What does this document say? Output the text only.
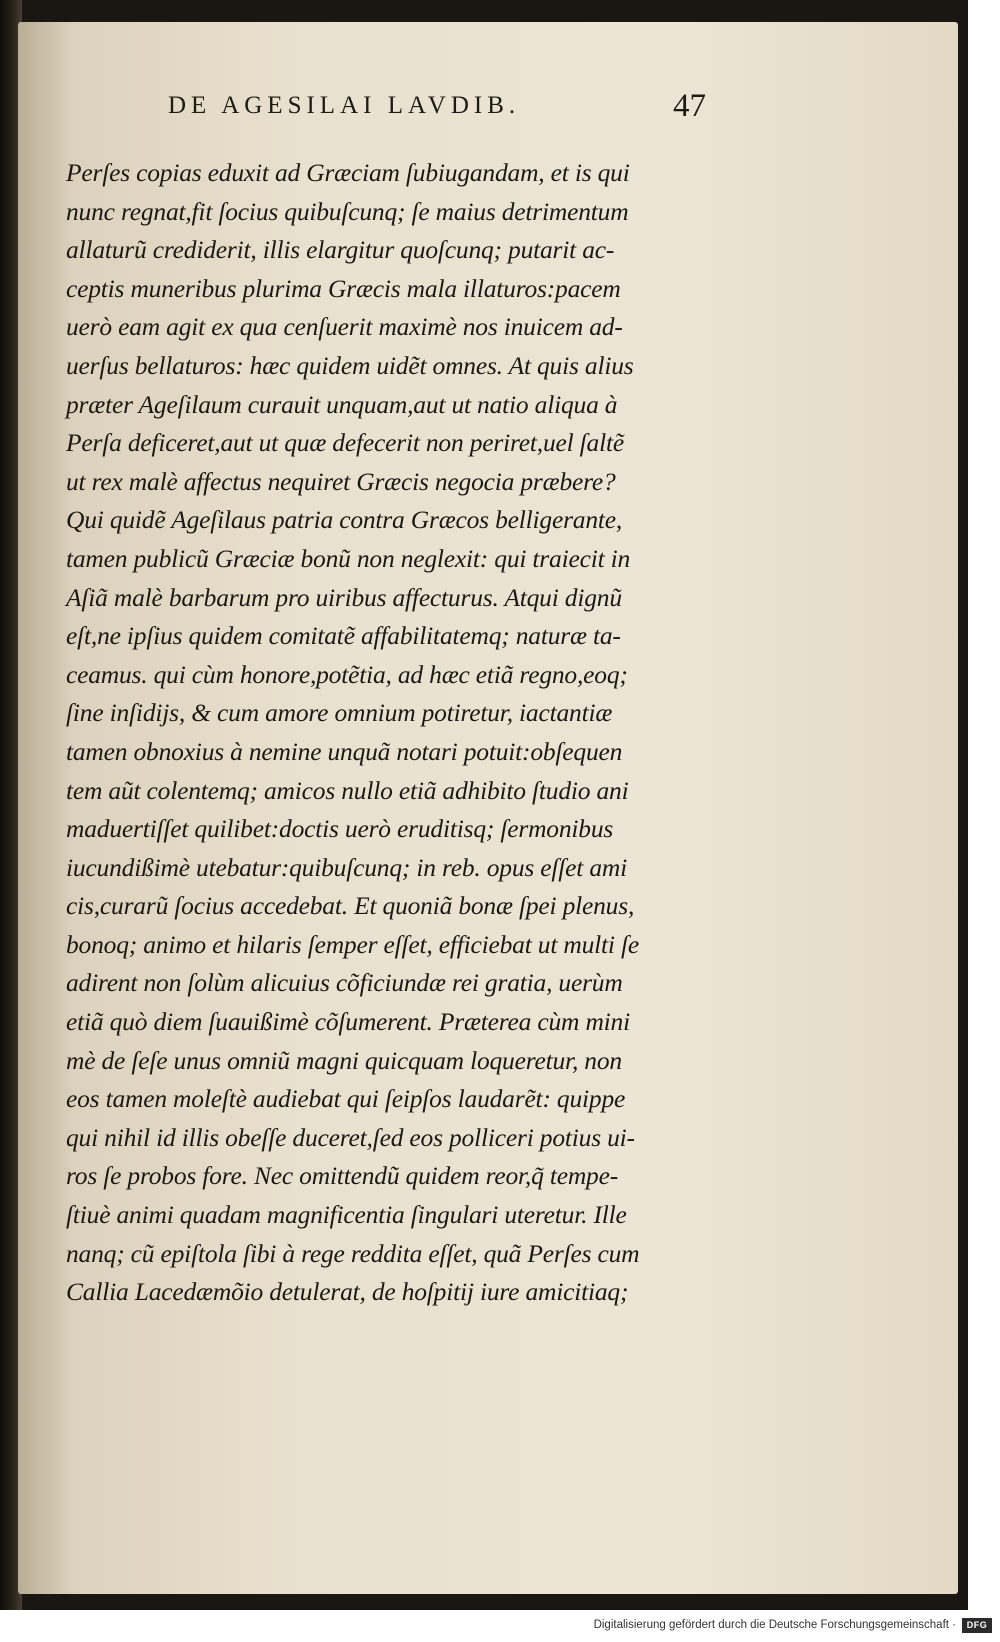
DE AGESILAI LAVDIB.	47
Perſes copias eduxit ad Græciam ſubiugandam, et is qui
nunc regnat,fit ſocius quibuſcunq; ſe maius detrimentum
allaturũ crediderit, illis elargitur quoſcunq; putarit ac-
ceptis muneribus plurima Græcis mala illaturos:pacem
uerò eam agit ex qua cenſuerit maximè nos inuicem ad-
uerſus bellaturos: hæc quidem uidẽt omnes. At quis alius
præter Ageſilaum curauit unquam,aut ut natio aliqua à
Perſa deficeret,aut ut quæ defecerit non periret,uel ſaltẽ
ut rex malè affectus nequiret Græcis negocia præbere?
Qui quidẽ Ageſilaus patria contra Græcos belligerante,
tamen publicũ Græciæ bonũ non neglexit: qui traiecit in
Aſiã malè barbarum pro uiribus affecturus. Atqui dignũ
eſt,ne ipſius quidem comitatẽ affabilitatemq; naturæ ta-
ceamus. qui cùm honore,potẽtia, ad hæc etiã regno,eoq;
ſine inſidijs, & cum amore omnium potiretur, iactantiæ
tamen obnoxius à nemine unquã notari potuit:obſequen
tem aũt colentemq; amicos nullo etiã adhibito ſtudio ani
maduertiſſet quilibet:doctis uerò eruditisq; ſermonibus
iucundißimè utebatur:quibuſcunq; in reb. opus eſſet ami
cis,curarũ ſocius accedebat. Et quoniã bonæ ſpei plenus,
bonoq; animo et hilaris ſemper eſſet, efficiebat ut multi ſe
adirent non ſolùm alicuius cõficiundæ rei gratia, uerùm
etiã quò diem ſuauißimè cõſumerent. Præterea cùm mini
mè de ſeſe unus omniũ magni quicquam loqueretur, non
eos tamen moleſtè audiebat qui ſeipſos laudarẽt: quippe
qui nihil id illis obeſſe duceret,ſed eos polliceri potius ui-
ros ſe probos fore. Nec omittendũ quidem reor,q̃ tempe-
ſtiuè animi quadam magnificentia ſingulari uteretur. Ille
nanq; cũ epiſtola ſibi à rege reddita eſſet, quã Perſes cum
Callia Lacedæmõio detulerat, de hoſpitij iure amicitiaq;
Digitalisierung gefördert durch die Deutsche Forschungsgemeinschaft ·	DFG
